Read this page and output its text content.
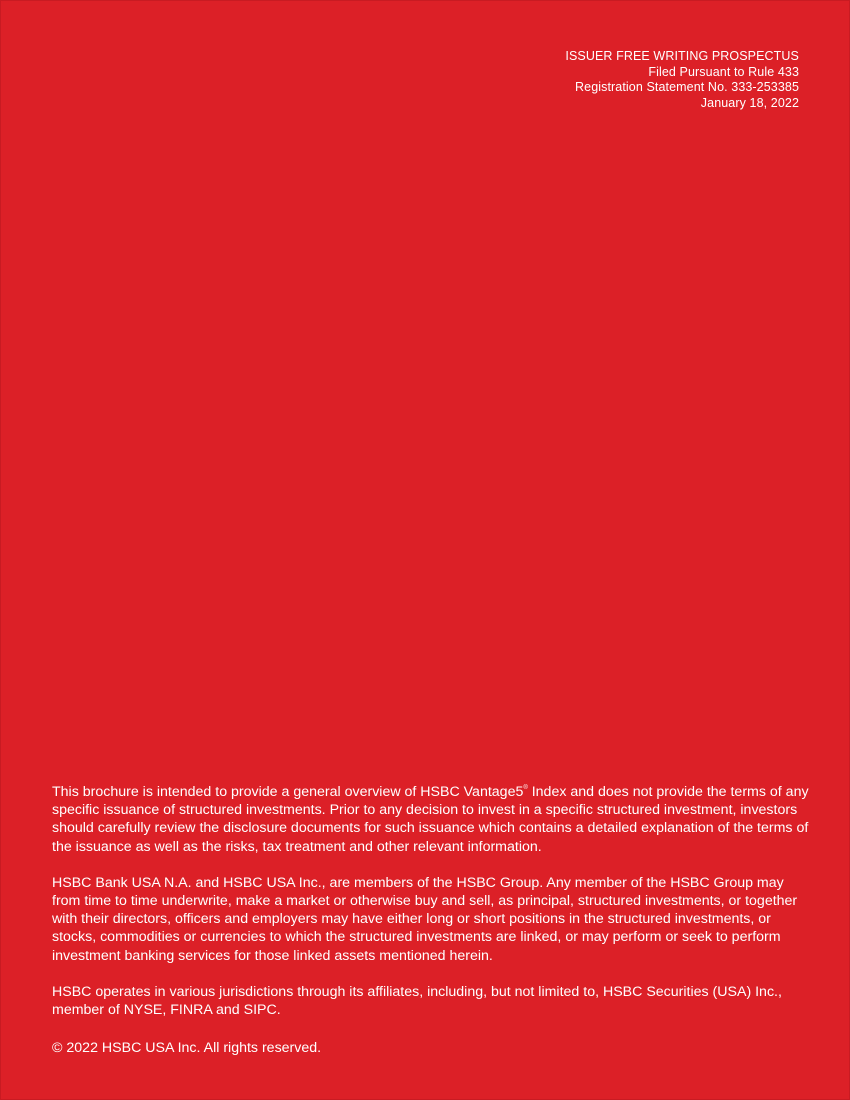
ISSUER FREE WRITING PROSPECTUS
Filed Pursuant to Rule 433
Registration Statement No. 333-253385
January 18, 2022

This brochure is intended to provide a general overview of HSBC Vantage5® Index and does not provide the terms of any specific issuance of structured investments. Prior to any decision to invest in a specific structured investment, investors should carefully review the disclosure documents for such issuance which contains a detailed explanation of the terms of the issuance as well as the risks, tax treatment and other relevant information.

HSBC Bank USA N.A. and HSBC USA Inc., are members of the HSBC Group. Any member of the HSBC Group may from time to time underwrite, make a market or otherwise buy and sell, as principal, structured investments, or together with their directors, officers and employers may have either long or short positions in the structured investments, or stocks, commodities or currencies to which the structured investments are linked, or may perform or seek to perform investment banking services for those linked assets mentioned herein.

HSBC operates in various jurisdictions through its affiliates, including, but not limited to, HSBC Securities (USA) Inc., member of NYSE, FINRA and SIPC.

© 2022 HSBC USA Inc. All rights reserved.
